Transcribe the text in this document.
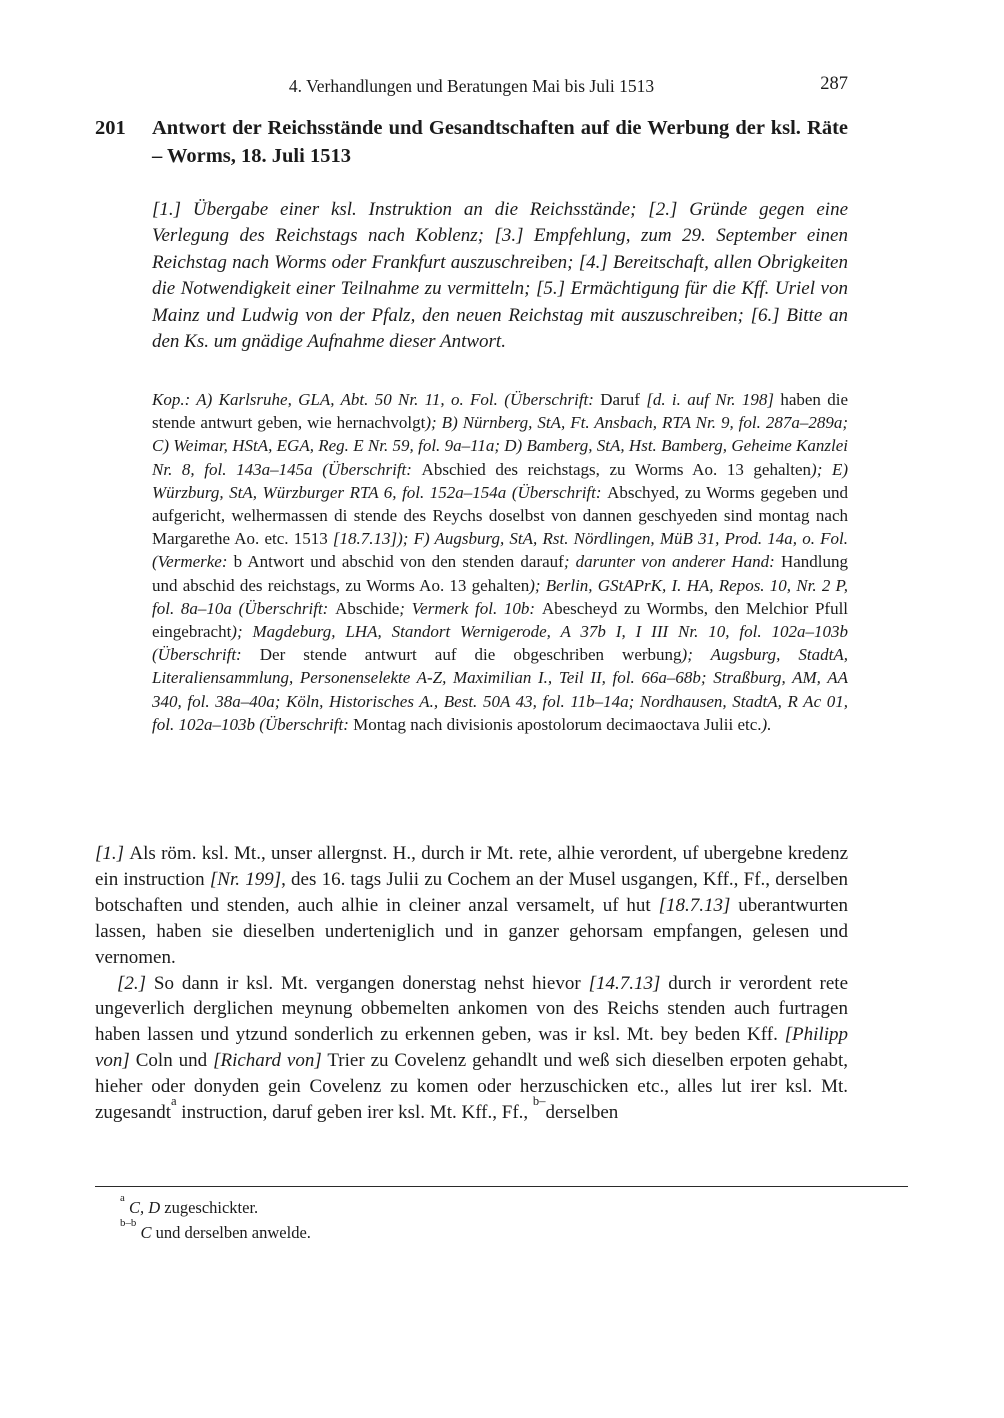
4. Verhandlungen und Beratungen Mai bis Juli 1513	287
201 Antwort der Reichsstände und Gesandtschaften auf die Werbung der ksl. Räte – Worms, 18. Juli 1513

[1.] Übergabe einer ksl. Instruktion an die Reichsstände; [2.] Gründe gegen eine Verlegung des Reichstags nach Koblenz; [3.] Empfehlung, zum 29. September einen Reichstag nach Worms oder Frankfurt auszuschreiben; [4.] Bereitschaft, allen Obrigkeiten die Notwendigkeit einer Teilnahme zu vermitteln; [5.] Ermächtigung für die Kff. Uriel von Mainz und Ludwig von der Pfalz, den neuen Reichstag mit auszuschreiben; [6.] Bitte an den Ks. um gnädige Aufnahme dieser Antwort.

Kop.: A) Karlsruhe, GLA, Abt. 50 Nr. 11, o. Fol. (Überschrift: Daruf [d. i. auf Nr. 198] haben die stende antwurt geben, wie hernachvolgt); B) Nürnberg, StA, Ft. Ansbach, RTA Nr. 9, fol. 287a–289a; C) Weimar, HStA, EGA, Reg. E Nr. 59, fol. 9a–11a; D) Bamberg, StA, Hst. Bamberg, Geheime Kanzlei Nr. 8, fol. 143a–145a (Überschrift: Abschied des reichstags, zu Worms Ao. 13 gehalten); E) Würzburg, StA, Würzburger RTA 6, fol. 152a–154a (Überschrift: Abschyed, zu Worms gegeben und aufgericht, welhermassen di stende des Reychs doselbst von dannen geschyeden sind montag nach Margarethe Ao. etc. 1513 [18.7.13]); F) Augsburg, StA, Rst. Nördlingen, MüB 31, Prod. 14a, o. Fol. (Vermerke: b Antwort und abschid von den stenden darauf; darunter von anderer Hand: Handlung und abschid des reichstags, zu Worms Ao. 13 gehalten); Berlin, GStAPrK, I. HA, Repos. 10, Nr. 2 P, fol. 8a–10a (Überschrift: Abschide; Vermerk fol. 10b: Abescheyd zu Wormbs, den Melchior Pfull eingebracht); Magdeburg, LHA, Standort Wernigerode, A 37b I, I III Nr. 10, fol. 102a–103b (Überschrift: Der stende antwurt auf die obgeschriben werbung); Augsburg, StadtA, Literaliensammlung, Personenselekte A-Z, Maximilian I., Teil II, fol. 66a–68b; Straßburg, AM, AA 340, fol. 38a–40a; Köln, Historisches A., Best. 50A 43, fol. 11b–14a; Nordhausen, StadtA, R Ac 01, fol. 102a–103b (Überschrift: Montag nach divisionis apostolorum decimaoctava Julii etc.).

[1.] Als röm. ksl. Mt., unser allergnst. H., durch ir Mt. rete, alhie verordent, uf ubergebne kredenz ein instruction [Nr. 199], des 16. tags Julii zu Cochem an der Musel usgangen, Kff., Ff., derselben botschaften und stenden, auch alhie in cleiner anzal versamelt, uf hut [18.7.13] uberantwurten lassen, haben sie dieselben underteniglich und in ganzer gehorsam empfangen, gelesen und vernomen.

[2.] So dann ir ksl. Mt. vergangen donerstag nehst hievor [14.7.13] durch ir verordent rete ungeverlich derglichen meynung obbemelten ankomen von des Reichs stenden auch furtragen haben lassen und ytzund sonderlich zu erkennen geben, was ir ksl. Mt. bey beden Kff. [Philipp von] Coln und [Richard von] Trier zu Covelenz gehandlt und weß sich dieselben erpoten gehabt, hieher oder donyden gein Covelenz zu komen oder herzuschicken etc., alles lut irer ksl. Mt. zugesandt$^a$ instruction, daruf geben irer ksl. Mt. Kff., Ff., $^{b-}$derselben

$^a$ C, D zugeschickter.

$^{b-b}$ C und derselben anwelde.
